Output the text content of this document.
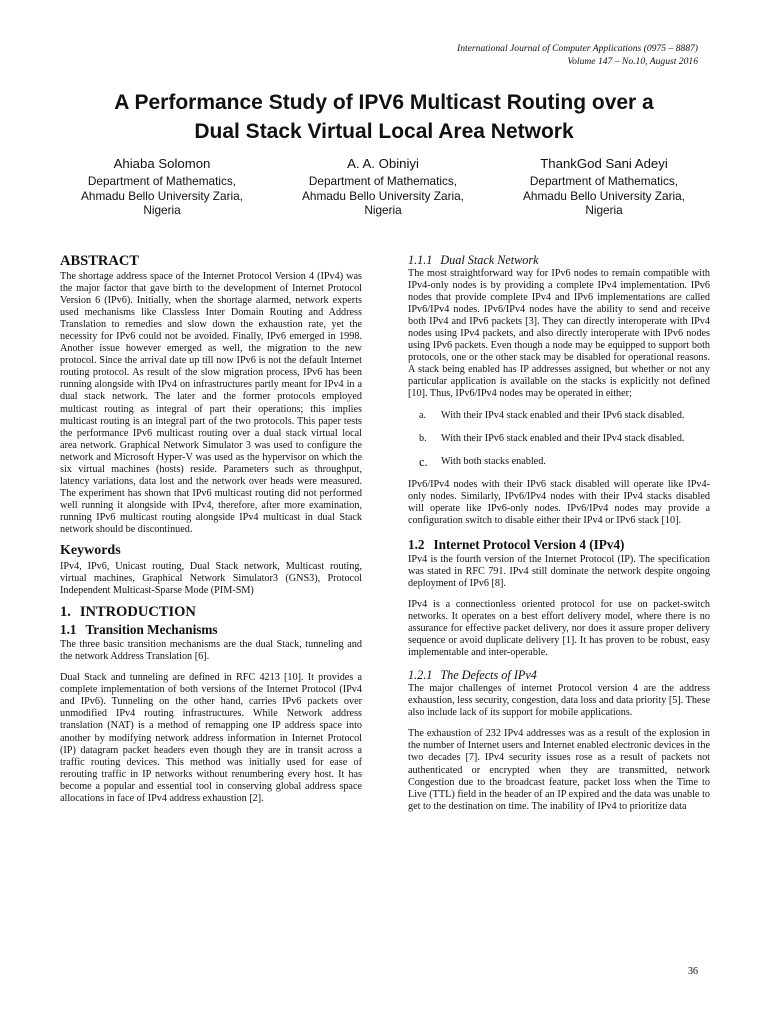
International Journal of Computer Applications (0975 – 8887)
Volume 147 – No.10, August 2016
A Performance Study of IPV6 Multicast Routing over a
Dual Stack Virtual Local Area Network
Ahiaba Solomon
Department of Mathematics,
Ahmadu Bello University Zaria,
Nigeria
A. A. Obiniyi
Department of Mathematics,
Ahmadu Bello University Zaria,
Nigeria
ThankGod Sani Adeyi
Department of Mathematics,
Ahmadu Bello University Zaria,
Nigeria
ABSTRACT

The shortage address space of the Internet Protocol Version 4 (IPv4) was the major factor that gave birth to the development of Internet Protocol Version 6 (IPv6). Initially, when the shortage alarmed, network experts used mechanisms like Classless Inter Domain Routing and Address Translation to remedies and slow down the exhaustion rate, yet the necessity for IPv6 could not be avoided. Finally, IPv6 emerged in 1998. Another issue however emerged as well, the migration to the new protocol. Since the arrival date up till now IPv6 is not the default Internet routing protocol. As result of the slow migration process, IPv6 has been running alongside with IPv4 on infrastructures partly meant for IPv4 in a dual stack network. The later and the former protocols employed multicast routing as integral of part their operations; this implies multicast routing is an integral part of the two protocols. This paper tests the performance IPv6 multicast routing over a dual stack virtual local area network. Graphical Network Simulator 3 was used to configure the network and Microsoft Hyper-V was used as the hypervisor on which the six virtual machines (hosts) reside. Parameters such as throughput, latency variations, data lost and the network over heads were measured. The experiment has shown that IPv6 multicast routing did not performed well running it alongside with IPv4, therefore, after more examination, running IPv6 multicast routing alongside IPv4 multicast in dual Stack network should be discontinued.

Keywords

IPv4, IPv6, Unicast routing, Dual Stack network, Multicast routing, virtual machines, Graphical Network Simulator3 (GNS3), Protocol Independent Multicast-Sparse Mode (PIM-SM)

1. INTRODUCTION
1.1 Transition Mechanisms

The three basic transition mechanisms are the dual Stack, tunneling and the network Address Translation [6].

Dual Stack and tunneling are defined in RFC 4213 [10]. It provides a complete implementation of both versions of the Internet Protocol (IPv4 and IPv6). Tunneling on the other hand, carries IPv6 packets over unmodified IPv4 routing infrastructures. While Network address translation (NAT) is a method of remapping one IP address space into another by modifying network address information in Internet Protocol (IP) datagram packet headers even though they are in transit across a traffic routing devices. This method was initially used for ease of rerouting traffic in IP networks without renumbering every host. It has become a popular and essential tool in conserving global address space allocations in face of IPv4 address exhaustion [2].

1.1.1 Dual Stack Network

The most straightforward way for IPv6 nodes to remain compatible with IPv4-only nodes is by providing a complete IPv4 implementation. IPv6 nodes that provide complete IPv4 and IPv6 implementations are called IPv6/IPv4 nodes. IPv6/IPv4 nodes have the ability to send and receive both IPv4 and IPv6 packets [3]. They can directly interoperate with IPv4 nodes using IPv4 packets, and also directly interoperate with IPv6 nodes using IPv6 packets. Even though a node may be equipped to support both protocols, one or the other stack may be disabled for operational reasons. A stack being enabled has IP addresses assigned, but whether or not any particular application is available on the stacks is explicitly not defined [10]. Thus, IPv6/IPv4 nodes may be operated in either;

a. With their IPv4 stack enabled and their IPv6 stack disabled.
b. With their IPv6 stack enabled and their IPv4 stack disabled.
c. With both stacks enabled.

IPv6/IPv4 nodes with their IPv6 stack disabled will operate like IPv4-only nodes. Similarly, IPv6/IPv4 nodes with their IPv4 stacks disabled will operate like IPv6-only nodes. IPv6/IPv4 nodes may provide a configuration switch to disable either their IPv4 or IPv6 stack [10].

1.2 Internet Protocol Version 4 (IPv4)

IPv4 is the fourth version of the Internet Protocol (IP). The specification was stated in RFC 791. IPv4 still dominate the network despite ongoing deployment of IPv6 [8].

IPv4 is a connectionless oriented protocol for use on packet-switch networks. It operates on a best effort delivery model, where there is no assurance for effective packet delivery, nor does it assure proper delivery sequence or avoid duplicate delivery [1]. It has proven to be robust, easy implementable and inter-operable.

1.2.1 The Defects of IPv4

The major challenges of internet Protocol version 4 are the address exhaustion, less security, congestion, data loss and data priority [5]. These also include lack of its support for mobile applications.

The exhaustion of 232 IPv4 addresses was as a result of the explosion in the number of Internet users and Internet enabled electronic devices in the two decades [7]. IPv4 security issues rose as a result of packets not authenticated or encrypted when they are transmitted, network Congestion due to the broadcast feature, packet loss when the Time to Live (TTL) field in the header of an IP expired and the data was unable to get to the destination on time. The inability of IPv4 to prioritize data

36
